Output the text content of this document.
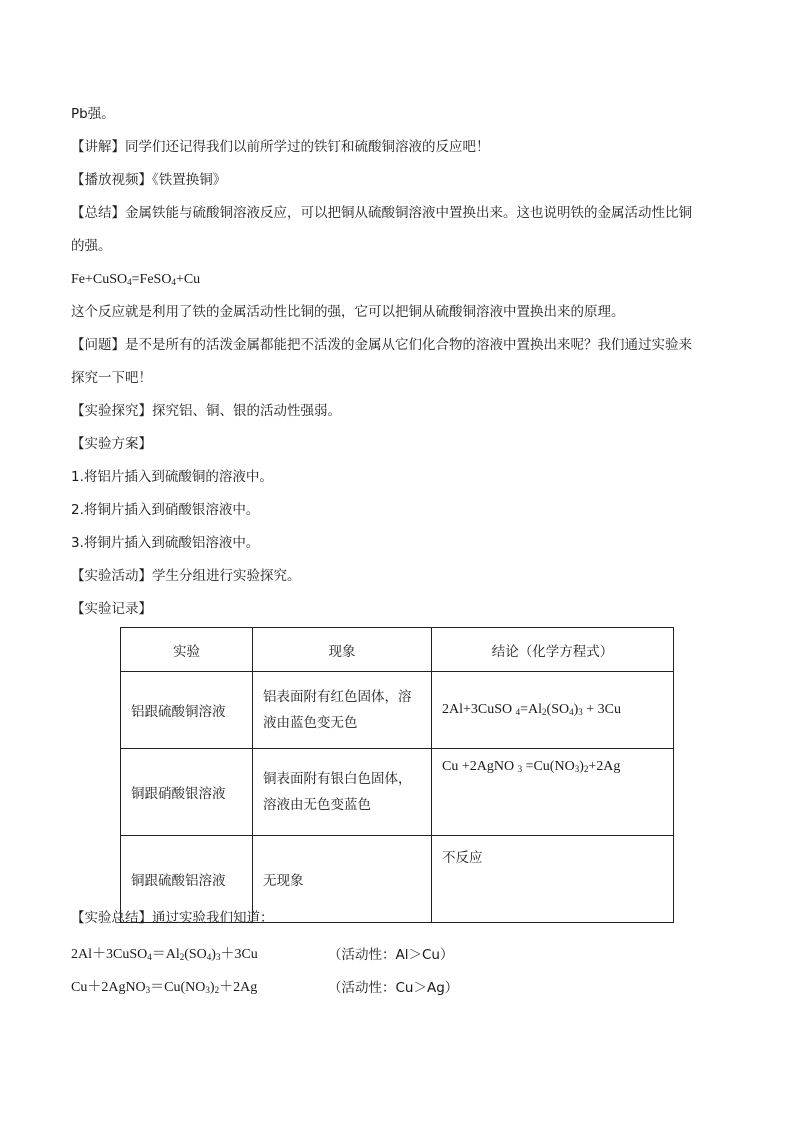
Pb强。
【讲解】同学们还记得我们以前所学过的铁钉和硫酸铜溶液的反应吧！
【播放视频】《铁置换铜》
【总结】金属铁能与硫酸铜溶液反应，可以把铜从硫酸铜溶液中置换出来。这也说明铁的金属活动性比铜
的强。
Fe+CuSO$_4$=FeSO$_4$+Cu
这个反应就是利用了铁的金属活动性比铜的强，它可以把铜从硫酸铜溶液中置换出来的原理。
【问题】是不是所有的活泼金属都能把不活泼的金属从它们化合物的溶液中置换出来呢？我们通过实验来
探究一下吧！
【实验探究】探究铝、铜、银的活动性强弱。
【实验方案】
1.将铝片插入到硫酸铜的溶液中。
2.将铜片插入到硝酸银溶液中。
3.将铜片插入到硫酸铝溶液中。
【实验活动】学生分组进行实验探究。
【实验记录】
实验	现象	结论（化学方程式）
铝跟硫酸铜溶液	铝表面附有红色固体，溶液由蓝色变无色	2Al+3CuSO $_4=Al_2(SO_4)_3 + 3Cu$
铜跟硝酸银溶液	铜表面附有银白色固体，溶液由无色变蓝色	Cu +2AgNO $_3 =Cu(NO_3)_2+2Ag$
铜跟硫酸铝溶液	无现象	不反应
【实验总结】通过实验我们知道：
$2Al+3CuSO_4=Al_2(SO_4)_3+3Cu$	（活动性：Al＞Cu）
$Cu+2AgNO_3=Cu(NO_3)_2+2Ag$	（活动性：Cu＞Ag）
